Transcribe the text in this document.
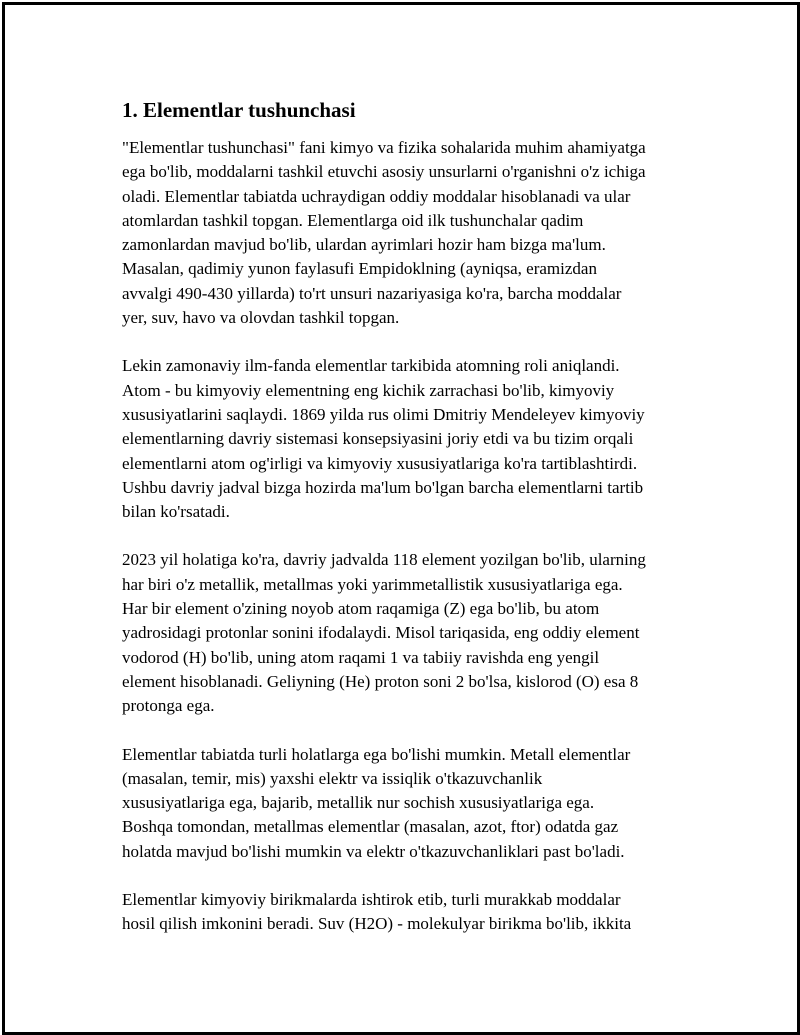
1. Elementlar tushunchasi
"Elementlar tushunchasi" fani kimyo va fizika sohalarida muhim ahamiyatga
ega bo'lib, moddalarni tashkil etuvchi asosiy unsurlarni o'rganishni o'z ichiga
oladi. Elementlar tabiatda uchraydigan oddiy moddalar hisoblanadi va ular
atomlardan tashkil topgan. Elementlarga oid ilk tushunchalar qadim
zamonlardan mavjud bo'lib, ulardan ayrimlari hozir ham bizga ma'lum.
Masalan, qadimiy yunon faylasufi Empidoklning (ayniqsa, eramizdan
avvalgi 490-430 yillarda) to'rt unsuri nazariyasiga ko'ra, barcha moddalar
yer, suv, havo va olovdan tashkil topgan.
Lekin zamonaviy ilm-fanda elementlar tarkibida atomning roli aniqlandi.
Atom - bu kimyoviy elementning eng kichik zarrachasi bo'lib, kimyoviy
xususiyatlarini saqlaydi. 1869 yilda rus olimi Dmitriy Mendeleyev kimyoviy
elementlarning davriy sistemasi konsepsiyasini joriy etdi va bu tizim orqali
elementlarni atom og'irligi va kimyoviy xususiyatlariga ko'ra tartiblashtirdi.
Ushbu davriy jadval bizga hozirda ma'lum bo'lgan barcha elementlarni tartib
bilan ko'rsatadi.
2023 yil holatiga ko'ra, davriy jadvalda 118 element yozilgan bo'lib, ularning
har biri o'z metallik, metallmas yoki yarimmetallistik xususiyatlariga ega.
Har bir element o'zining noyob atom raqamiga (Z) ega bo'lib, bu atom
yadrosidagi protonlar sonini ifodalaydi. Misol tariqasida, eng oddiy element
vodorod (H) bo'lib, uning atom raqami 1 va tabiiy ravishda eng yengil
element hisoblanadi. Geliyning (He) proton soni 2 bo'lsa, kislorod (O) esa 8
protonga ega.
Elementlar tabiatda turli holatlarga ega bo'lishi mumkin. Metall elementlar
(masalan, temir, mis) yaxshi elektr va issiqlik o'tkazuvchanlik
xususiyatlariga ega, bajarib, metallik nur sochish xususiyatlariga ega.
Boshqa tomondan, metallmas elementlar (masalan, azot, ftor) odatda gaz
holatda mavjud bo'lishi mumkin va elektr o'tkazuvchanliklari past bo'ladi.
Elementlar kimyoviy birikmalarda ishtirok etib, turli murakkab moddalar
hosil qilish imkonini beradi. Suv (H2O) - molekulyar birikma bo'lib, ikkita
